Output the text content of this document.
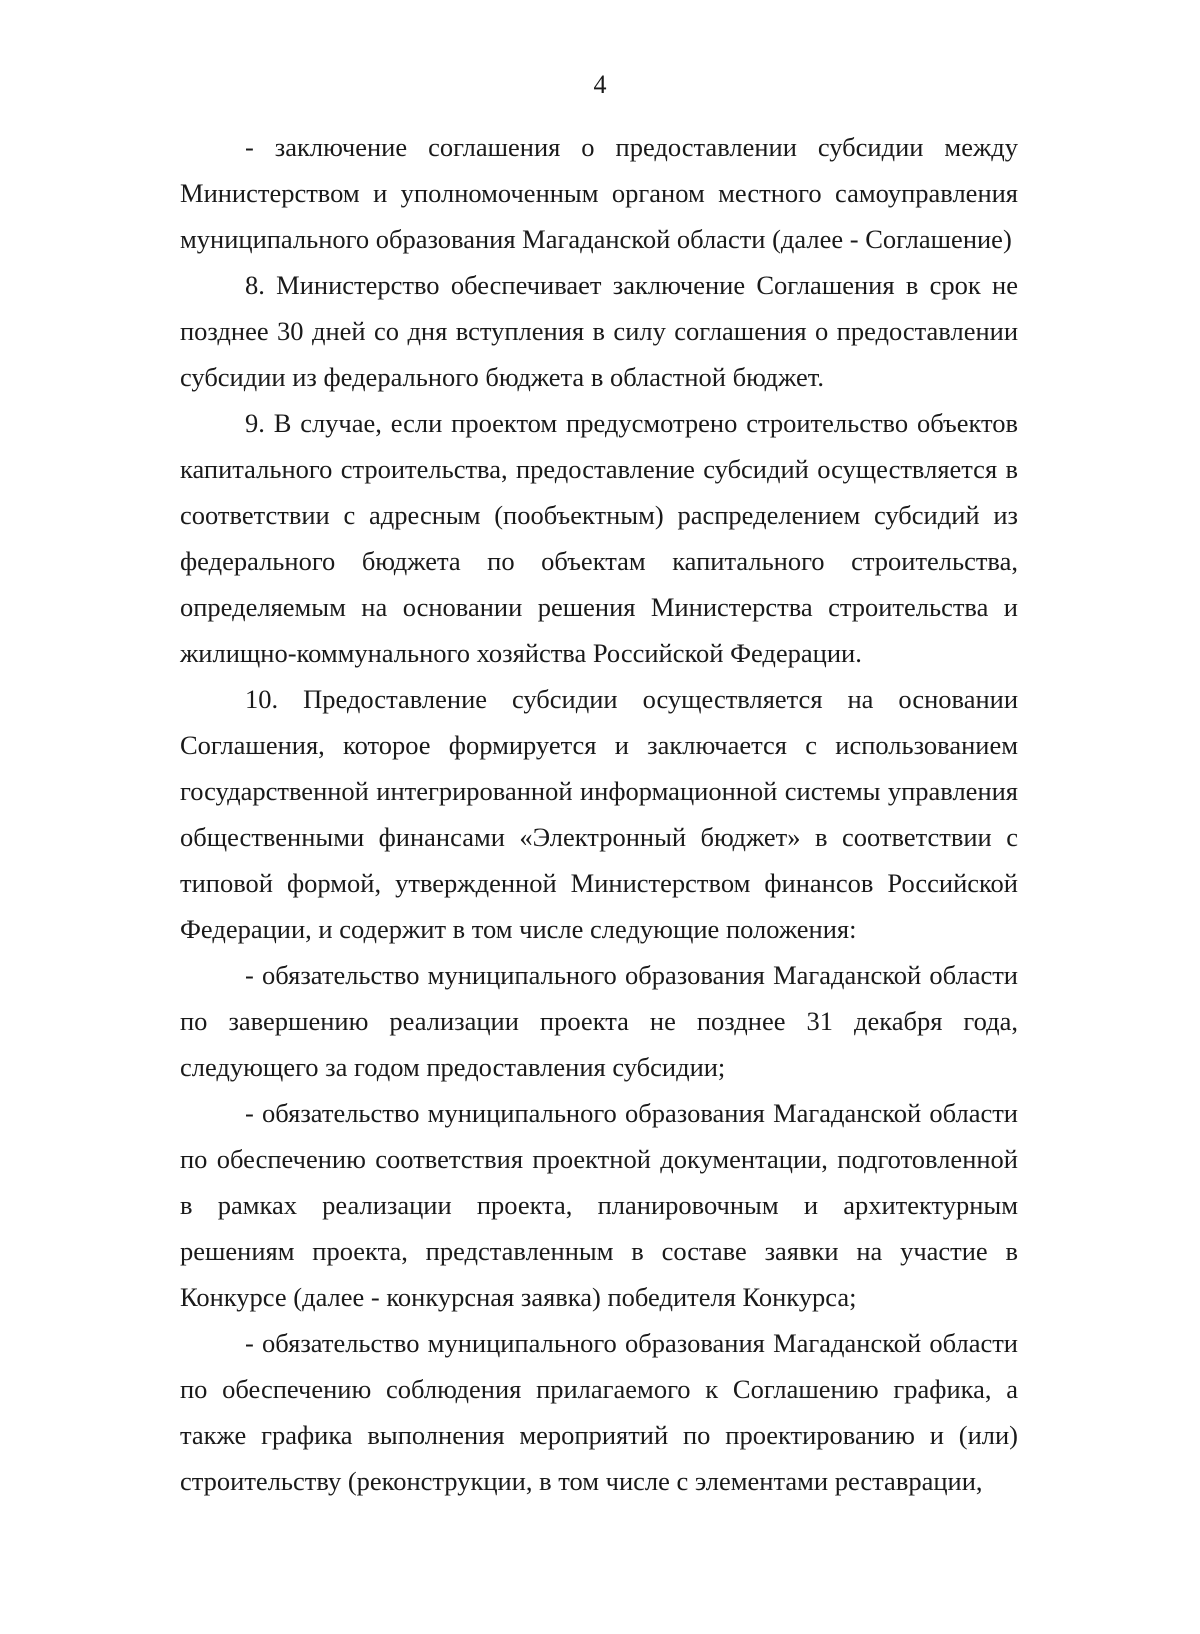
4

- заключение соглашения о предоставлении субсидии между Министерством и уполномоченным органом местного самоуправления муниципального образования Магаданской области (далее - Соглашение)

8. Министерство обеспечивает заключение Соглашения в срок не позднее 30 дней со дня вступления в силу соглашения о предоставлении субсидии из федерального бюджета в областной бюджет.

9. В случае, если проектом предусмотрено строительство объектов капитального строительства, предоставление субсидий осуществляется в соответствии с адресным (пообъектным) распределением субсидий из федерального бюджета по объектам капитального строительства, определяемым на основании решения Министерства строительства и жилищно-коммунального хозяйства Российской Федерации.

10. Предоставление субсидии осуществляется на основании Соглашения, которое формируется и заключается с использованием государственной интегрированной информационной системы управления общественными финансами «Электронный бюджет» в соответствии с типовой формой, утвержденной Министерством финансов Российской Федерации, и содержит в том числе следующие положения:

- обязательство муниципального образования Магаданской области по завершению реализации проекта не позднее 31 декабря года, следующего за годом предоставления субсидии;

- обязательство муниципального образования Магаданской области по обеспечению соответствия проектной документации, подготовленной в рамках реализации проекта, планировочным и архитектурным решениям проекта, представленным в составе заявки на участие в Конкурсе (далее - конкурсная заявка) победителя Конкурса;

- обязательство муниципального образования Магаданской области по обеспечению соблюдения прилагаемого к Соглашению графика, а также графика выполнения мероприятий по проектированию и (или) строительству (реконструкции, в том числе с элементами реставрации,
